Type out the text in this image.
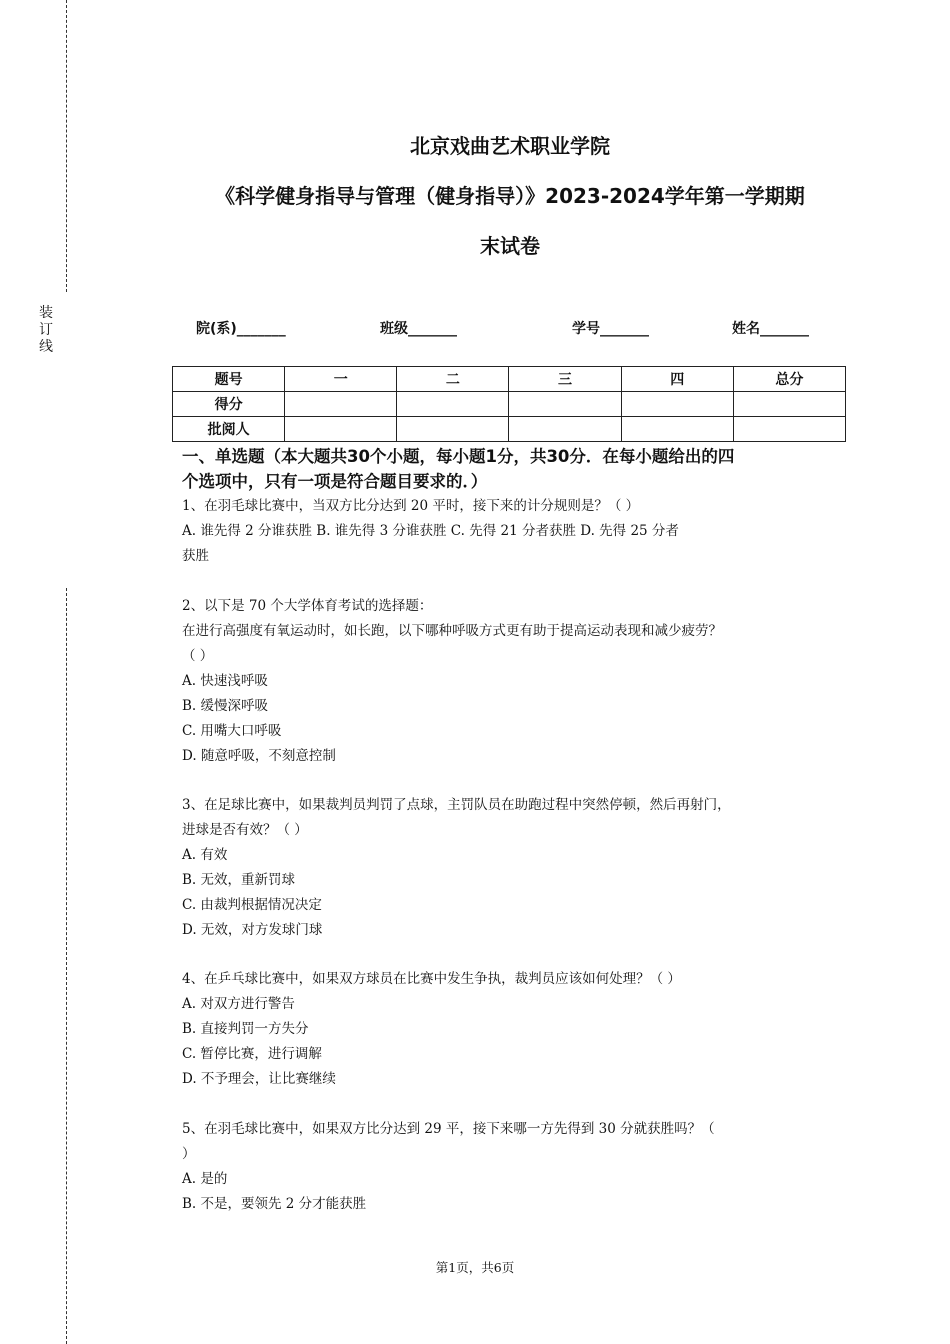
装
订
线
北京戏曲艺术职业学院
《科学健身指导与管理（健身指导）》2023-2024学年第一学期期
末试卷
院(系)_______	班级_______	学号_______	姓名_______
题号	一	二	三	四	总分
得分					
批阅人					
一、单选题（本大题共30个小题，每小题1分，共30分．在每小题给出的四
个选项中，只有一项是符合题目要求的．）
1、在羽毛球比赛中，当双方比分达到 20 平时，接下来的计分规则是？（ ）
A. 谁先得 2 分谁获胜 B. 谁先得 3 分谁获胜 C. 先得 21 分者获胜 D. 先得 25 分者
获胜
2、以下是 70 个大学体育考试的选择题：
在进行高强度有氧运动时，如长跑，以下哪种呼吸方式更有助于提高运动表现和减少疲劳？
（ ）
A. 快速浅呼吸
B. 缓慢深呼吸
C. 用嘴大口呼吸
D. 随意呼吸，不刻意控制
3、在足球比赛中，如果裁判员判罚了点球，主罚队员在助跑过程中突然停顿，然后再射门，
进球是否有效？（ ）
A. 有效
B. 无效，重新罚球
C. 由裁判根据情况决定
D. 无效，对方发球门球
4、在乒乓球比赛中，如果双方球员在比赛中发生争执，裁判员应该如何处理？（ ）
A. 对双方进行警告
B. 直接判罚一方失分
C. 暂停比赛，进行调解
D. 不予理会，让比赛继续
5、在羽毛球比赛中，如果双方比分达到 29 平，接下来哪一方先得到 30 分就获胜吗？（
）
A. 是的
B. 不是，要领先 2 分才能获胜
第1页，共6页
